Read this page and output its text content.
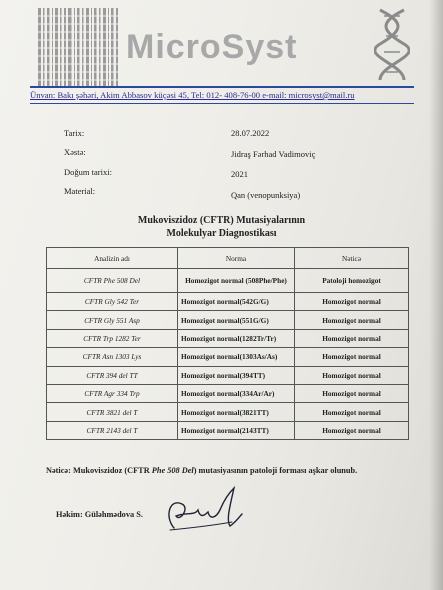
MicroSyst
Ünvan: Bakı şəhəri, Akim Abbasov küçəsi 45, Tel: 012- 408-76-00 e-mail: microsyst@mail.ru
Tarix:	28.07.2022
Xəstə:	Jidraş Fərhad Vadimoviç
Doğum tarixi:	2021
Material:	Qan (venopunksiya)
Mukoviszidoz (CFTR) Mutasiyalarının
Molekulyar Diagnostikası
Analizin adı	Norma	Nəticə
CFTR Phe 508 Del	Homozigot normal (508Phe/Phe)	Patoloji homozigot
CFTR Gly 542 Ter	Homozigot normal(542G/G)	Homozigot normal
CFTR Gly 551 Asp	Homozigot normal(551G/G)	Homozigot normal
CFTR Trp 1282 Ter	Homozigot normal(1282Tr/Tr)	Homozigot normal
CFTR Asn 1303 Lys	Homozigot normal(1303As/As)	Homozigot normal
CFTR 394 del TT	Homozigot normal(394TT)	Homozigot normal
CFTR Agr 334 Trp	Homozigot normal(334Ar/Ar)	Homozigot normal
CFTR 3821 del T	Homozigot normal(3821TT)	Homozigot normal
CFTR 2143 del T	Homozigot normal(2143TT)	Homozigot normal
Nəticə: Mukoviszidoz (CFTR Phe 508 Del) mutasiyasının patoloji forması aşkar olunub.
Həkim: Güləhmədova S.
